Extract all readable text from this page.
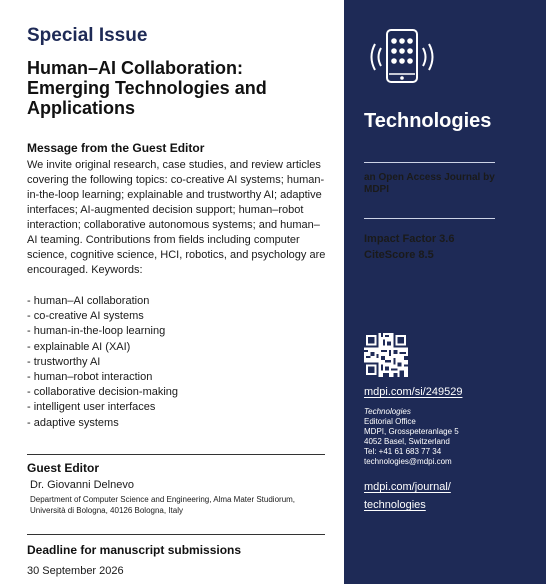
Special Issue
Human–AI Collaboration: Emerging Technologies and Applications
Message from the Guest Editor
We invite original research, case studies, and review articles covering the following topics: co-creative AI systems; human-in-the-loop learning; explainable and trustworthy AI; adaptive interfaces; AI-augmented decision support; human–robot interaction; collaborative autonomous systems; and human–AI teaming. Contributions from fields including computer science, cognitive science, HCI, robotics, and psychology are encouraged. Keywords:
- human–AI collaboration
- co-creative AI systems
- human-in-the-loop learning
- explainable AI (XAI)
- trustworthy AI
- human–robot interaction
- collaborative decision-making
- intelligent user interfaces
- adaptive systems
Guest Editor
Dr. Giovanni Delnevo
Department of Computer Science and Engineering, Alma Mater Studiorum, Università di Bologna, 40126 Bologna, Italy
Deadline for manuscript submissions
30 September 2026
Technologies
an Open Access Journal by MDPI
Impact Factor 3.6
CiteScore 8.5
mdpi.com/si/249529
Technologies
Editorial Office
MDPI, Grosspeteranlage 5
4052 Basel, Switzerland
Tel: +41 61 683 77 34
technologies@mdpi.com
mdpi.com/journal/
technologies
